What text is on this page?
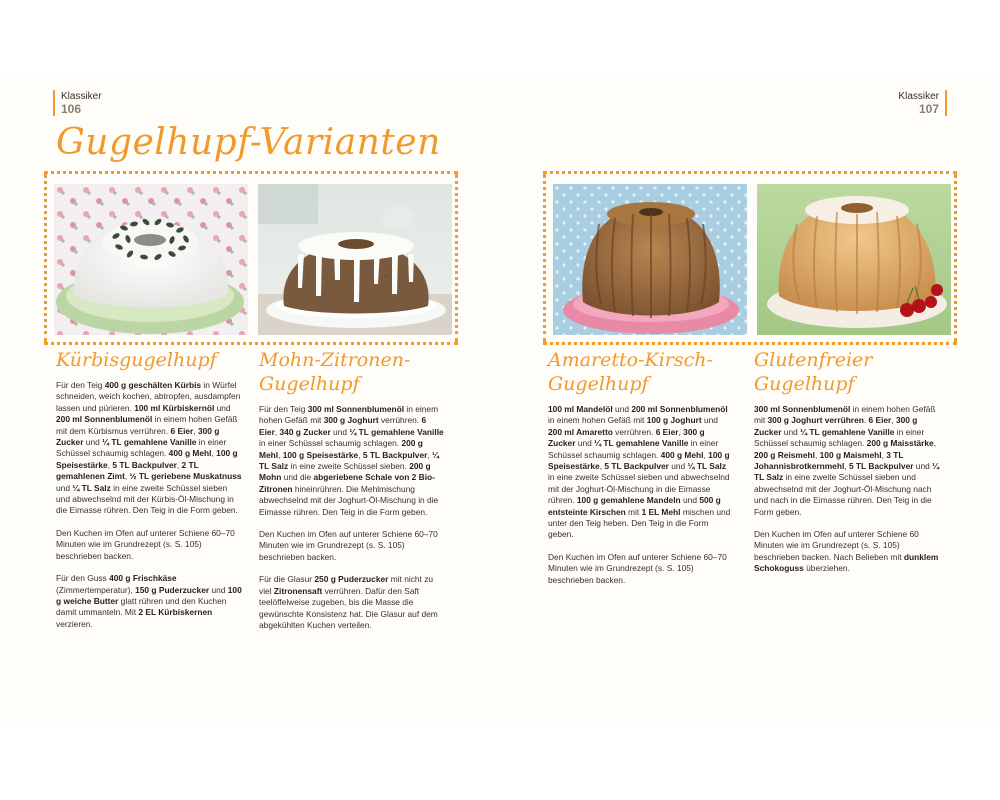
Klassiker
106
Gugelhupf-Varianten
Kürbisgugelhupf

Für den Teig 400 g geschälten Kürbis in Würfel schneiden, weich kochen, abtropfen, ausdampfen lassen und pürieren. 100 ml Kürbiskernöl und 200 ml Sonnenblumenöl in einem hohen Gefäß mit dem Kürbismus verrühren. 6 Eier, 300 g Zucker und ¼ TL gemahlene Vanille in einer Schüssel schaumig schlagen. 400 g Mehl, 100 g Speisestärke, 5 TL Backpulver, 2 TL gemahlenen Zimt, ½ TL geriebene Muskatnuss und ¼ TL Salz in eine zweite Schüssel sieben und abwechselnd mit der Kürbis-Öl-Mischung in die Eimasse rühren. Den Teig in die Form geben.

Den Kuchen im Ofen auf unterer Schiene 60–70 Minuten wie im Grundrezept (s. S. 105) beschrieben backen.

Für den Guss 400 g Frischkäse (Zimmertemperatur), 150 g Puderzucker und 100 g weiche Butter glatt rühren und den Kuchen damit ummanteln. Mit 2 EL Kürbiskernen verzieren.

Mohn-Zitronen-Gugelhupf

Für den Teig 300 ml Sonnenblumenöl in einem hohen Gefäß mit 300 g Joghurt verrühren. 6 Eier, 340 g Zucker und ¼ TL gemahlene Vanille in einer Schüssel schaumig schlagen. 200 g Mehl, 100 g Speisestärke, 5 TL Backpulver, ¼ TL Salz in eine zweite Schüssel sieben. 200 g Mohn und die abgeriebene Schale von 2 Bio-Zitronen hineinrühren. Die Mehlmischung abwechselnd mit der Joghurt-Öl-Mischung in die Eimasse rühren. Den Teig in die Form geben.

Den Kuchen im Ofen auf unterer Schiene 60–70 Minuten wie im Grundrezept (s. S. 105) beschrieben backen.

Für die Glasur 250 g Puderzucker mit nicht zu viel Zitronensaft verrühren. Dafür den Saft teelöffelweise zugeben, bis die Masse die gewünschte Konsistenz hat. Die Glasur auf dem abgekühlten Kuchen verteilen.

Klassiker
107
Amaretto-Kirsch-Gugelhupf

100 ml Mandelöl und 200 ml Sonnenblumenöl in einem hohen Gefäß mit 100 g Joghurt und 200 ml Amaretto verrühren. 6 Eier, 300 g Zucker und ¼ TL gemahlene Vanille in einer Schüssel schaumig schlagen. 400 g Mehl, 100 g Speisestärke, 5 TL Backpulver und ¼ TL Salz in eine zweite Schüssel sieben und abwechselnd mit der Joghurt-Öl-Mischung in die Eimasse rühren. 100 g gemahlene Mandeln und 500 g entsteinte Kirschen mit 1 EL Mehl mischen und unter den Teig heben. Den Teig in die Form geben.

Den Kuchen im Ofen auf unterer Schiene 60–70 Minuten wie im Grundrezept (s. S. 105) beschrieben backen.

Glutenfreier Gugelhupf

300 ml Sonnenblumenöl in einem hohen Gefäß mit 300 g Joghurt verrühren. 6 Eier, 300 g Zucker und ¼ TL gemahlene Vanille in einer Schüssel schaumig schlagen. 200 g Maisstärke, 200 g Reismehl, 100 g Maismehl, 3 TL Johannisbrotkernmehl, 5 TL Backpulver und ¼ TL Salz in eine zweite Schüssel sieben und abwechselnd mit der Joghurt-Öl-Mischung nach und nach in die Eimasse rühren. Den Teig in die Form geben.

Den Kuchen im Ofen auf unterer Schiene 60 Minuten wie im Grundrezept (s. S. 105) beschrieben backen. Nach Belieben mit dunklem Schokoguss überziehen.
